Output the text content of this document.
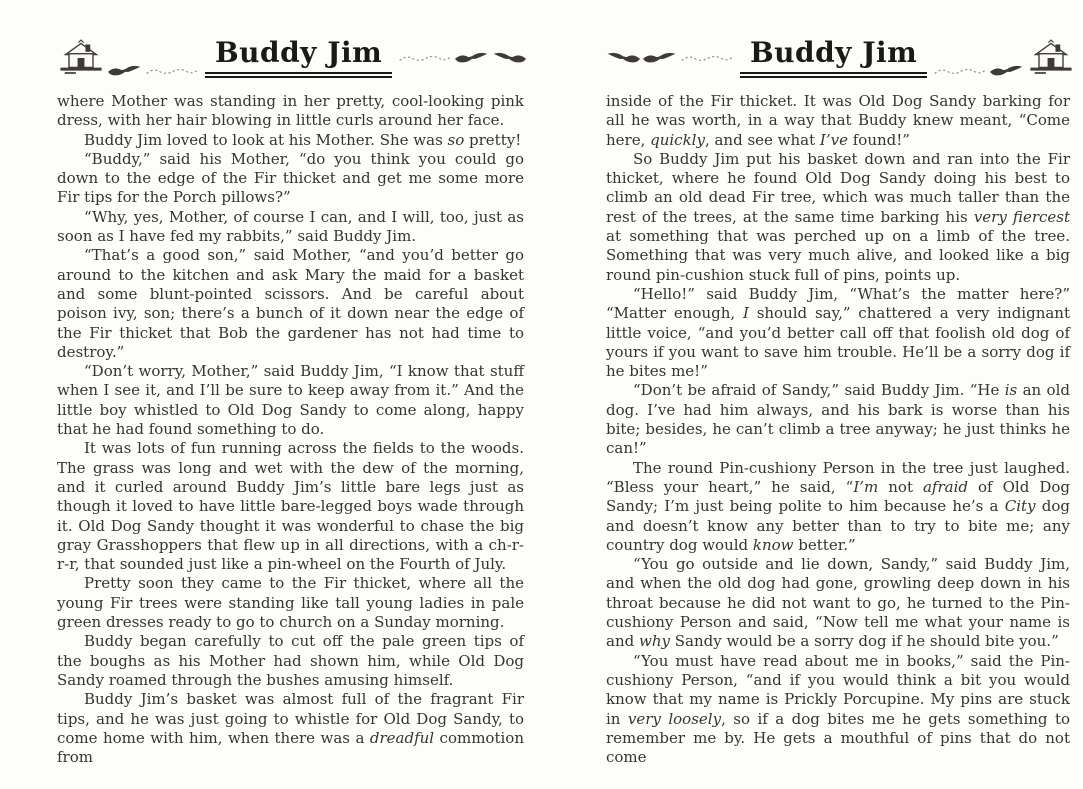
Buddy Jim

where Mother was standing in her pretty, cool-looking pink dress, with her hair blowing in little curls around her face.

Buddy Jim loved to look at his Mother. She was so pretty!

“Buddy,” said his Mother, “do you think you could go down to the edge of the Fir thicket and get me some more Fir tips for the Porch pillows?”

“Why, yes, Mother, of course I can, and I will, too, just as soon as I have fed my rabbits,” said Buddy Jim.

“That’s a good son,” said Mother, “and you’d better go around to the kitchen and ask Mary the maid for a basket and some blunt-pointed scissors. And be careful about poison ivy, son; there’s a bunch of it down near the edge of the Fir thicket that Bob the gardener has not had time to destroy.”

“Don’t worry, Mother,” said Buddy Jim, “I know that stuff when I see it, and I’ll be sure to keep away from it.” And the little boy whistled to Old Dog Sandy to come along, happy that he had found something to do.

It was lots of fun running across the fields to the woods. The grass was long and wet with the dew of the morning, and it curled around Buddy Jim’s little bare legs just as though it loved to have little bare-legged boys wade through it. Old Dog Sandy thought it was wonderful to chase the big gray Grasshoppers that flew up in all directions, with a ch-r-r-r, that sounded just like a pin-wheel on the Fourth of July.

Pretty soon they came to the Fir thicket, where all the young Fir trees were standing like tall young ladies in pale green dresses ready to go to church on a Sunday morning.

Buddy began carefully to cut off the pale green tips of the boughs as his Mother had shown him, while Old Dog Sandy roamed through the bushes amusing himself.

Buddy Jim’s basket was almost full of the fragrant Fir tips, and he was just going to whistle for Old Dog Sandy, to come home with him, when there was a dreadful commotion from

Buddy Jim

inside of the Fir thicket. It was Old Dog Sandy barking for all he was worth, in a way that Buddy knew meant, “Come here, quickly, and see what I’ve found!”

So Buddy Jim put his basket down and ran into the Fir thicket, where he found Old Dog Sandy doing his best to climb an old dead Fir tree, which was much taller than the rest of the trees, at the same time barking his very fiercest at something that was perched up on a limb of the tree. Something that was very much alive, and looked like a big round pin-cushion stuck full of pins, points up.

“Hello!” said Buddy Jim, “What’s the matter here?” “Matter enough, I should say,” chattered a very indignant little voice, “and you’d better call off that foolish old dog of yours if you want to save him trouble. He’ll be a sorry dog if he bites me!”

“Don’t be afraid of Sandy,” said Buddy Jim. “He is an old dog. I’ve had him always, and his bark is worse than his bite; besides, he can’t climb a tree anyway; he just thinks he can!”

The round Pin-cushiony Person in the tree just laughed. “Bless your heart,” he said, “I’m not afraid of Old Dog Sandy; I’m just being polite to him because he’s a City dog and doesn’t know any better than to try to bite me; any country dog would know better.”

“You go outside and lie down, Sandy,” said Buddy Jim, and when the old dog had gone, growling deep down in his throat because he did not want to go, he turned to the Pin-cushiony Person and said, “Now tell me what your name is and why Sandy would be a sorry dog if he should bite you.”

“You must have read about me in books,” said the Pin-cushiony Person, “and if you would think a bit you would know that my name is Prickly Porcupine. My pins are stuck in very loosely, so if a dog bites me he gets something to remember me by. He gets a mouthful of pins that do not come
